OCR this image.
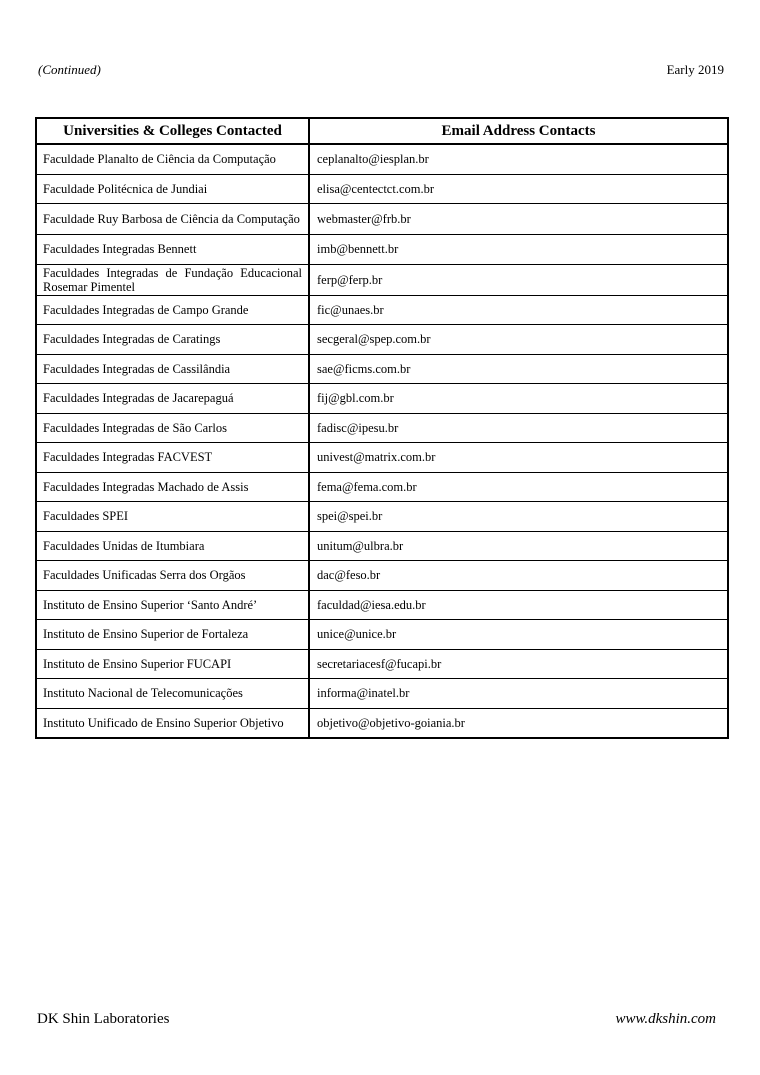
(Continued)	Early 2019
Universities & Colleges Contacted	Email Address Contacts
Faculdade Planalto de Ciência da Computação	ceplanalto@iesplan.br
Faculdade Politécnica de Jundiai	elisa@centectct.com.br
Faculdade Ruy Barbosa de Ciência da Computação	webmaster@frb.br
Faculdades Integradas Bennett	imb@bennett.br
Faculdades Integradas de Fundação Educacional Rosemar Pimentel	ferp@ferp.br
Faculdades Integradas de Campo Grande	fic@unaes.br
Faculdades Integradas de Caratings	secgeral@spep.com.br
Faculdades Integradas de Cassilândia	sae@ficms.com.br
Faculdades Integradas de Jacarepaguá	fij@gbl.com.br
Faculdades Integradas de São Carlos	fadisc@ipesu.br
Faculdades Integradas FACVEST	univest@matrix.com.br
Faculdades Integradas Machado de Assis	fema@fema.com.br
Faculdades SPEI	spei@spei.br
Faculdades Unidas de Itumbiara	unitum@ulbra.br
Faculdades Unificadas Serra dos Orgãos	dac@feso.br
Instituto de Ensino Superior ‘Santo André’	faculdad@iesa.edu.br
Instituto de Ensino Superior de Fortaleza	unice@unice.br
Instituto de Ensino Superior FUCAPI	secretariacesf@fucapi.br
Instituto Nacional de Telecomunicações	informa@inatel.br
Instituto Unificado de Ensino Superior Objetivo	objetivo@objetivo-goiania.br
DK Shin Laboratories	www.dkshin.com
